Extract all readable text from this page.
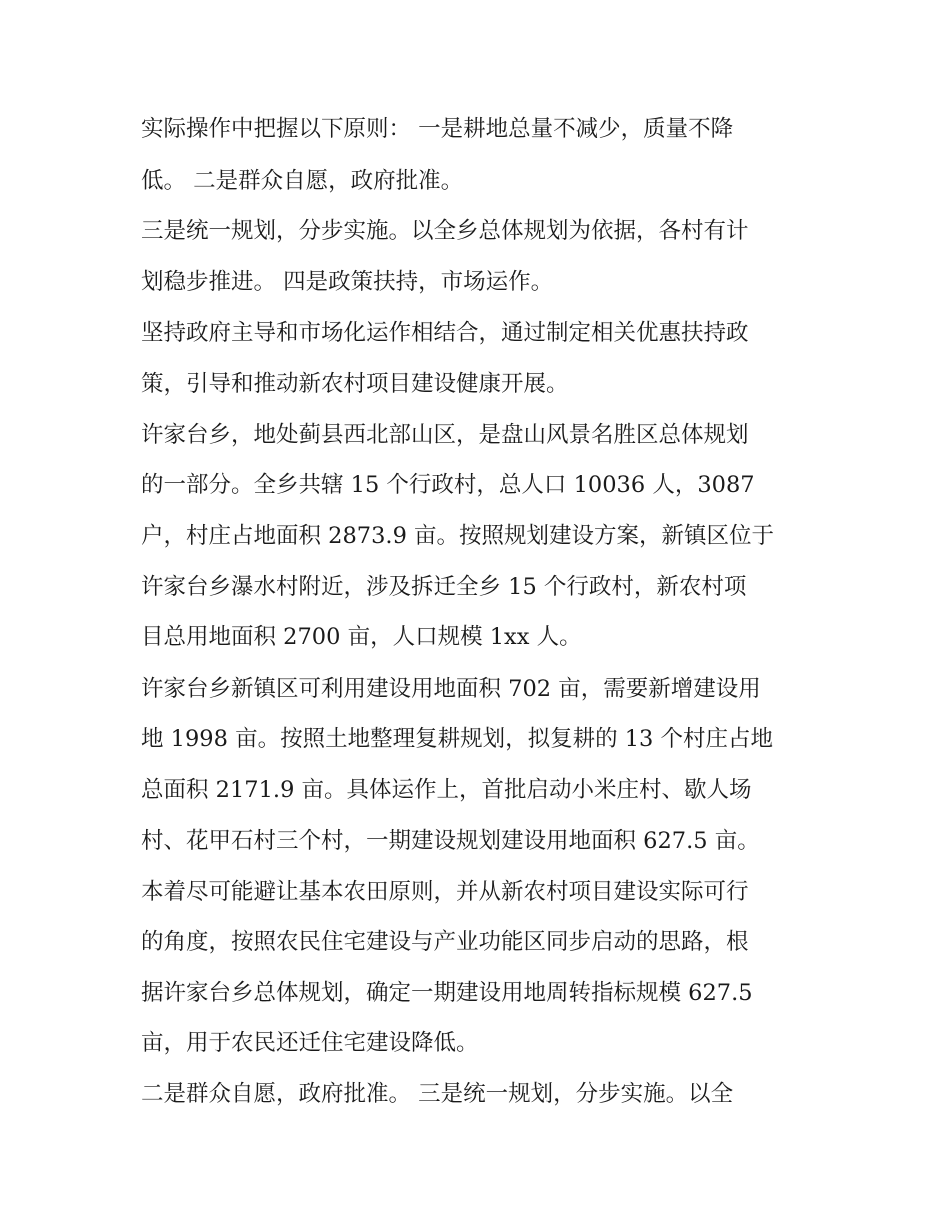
实际操作中把握以下原则： 一是耕地总量不减少，质量不降
低。 二是群众自愿，政府批准。
三是统一规划，分步实施。以全乡总体规划为依据，各村有计
划稳步推进。 四是政策扶持，市场运作。
坚持政府主导和市场化运作相结合，通过制定相关优惠扶持政
策，引导和推动新农村项目建设健康开展。
许家台乡，地处蓟县西北部山区，是盘山风景名胜区总体规划
的一部分。全乡共辖 15 个行政村，总人口 10036 人，3087
户，村庄占地面积 2873.9 亩。按照规划建设方案，新镇区位于
许家台乡瀑水村附近，涉及拆迁全乡 15 个行政村，新农村项
目总用地面积 2700 亩，人口规模 1xx 人。
许家台乡新镇区可利用建设用地面积 702 亩，需要新增建设用
地 1998 亩。按照土地整理复耕规划，拟复耕的 13 个村庄占地
总面积 2171.9 亩。具体运作上，首批启动小米庄村、歇人场
村、花甲石村三个村，一期建设规划建设用地面积 627.5 亩。
本着尽可能避让基本农田原则，并从新农村项目建设实际可行
的角度，按照农民住宅建设与产业功能区同步启动的思路，根
据许家台乡总体规划，确定一期建设用地周转指标规模 627.5
亩，用于农民还迁住宅建设降低。
二是群众自愿，政府批准。 三是统一规划，分步实施。以全
